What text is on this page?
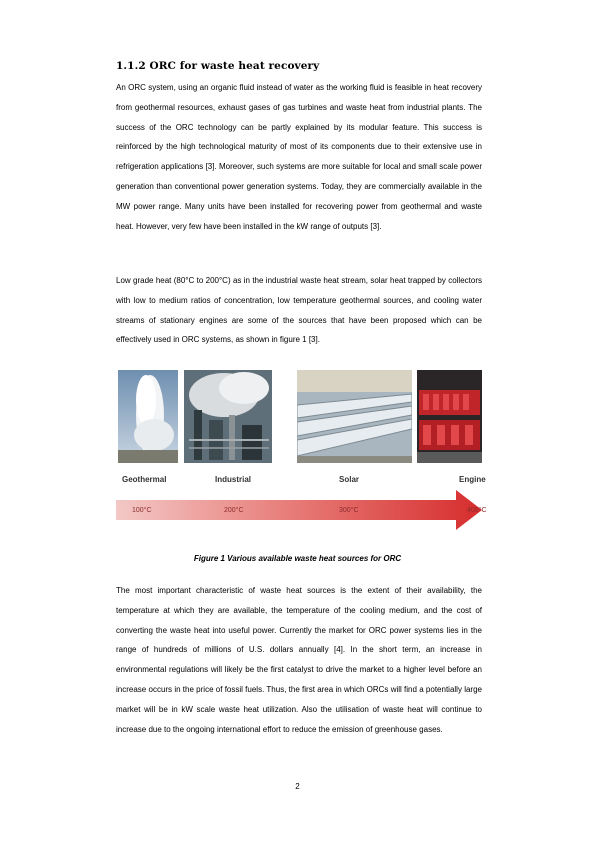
1.1.2 ORC for waste heat recovery
An ORC system, using an organic fluid instead of water as the working fluid is feasible in heat recovery from geothermal resources, exhaust gases of gas turbines and waste heat from industrial plants. The success of the ORC technology can be partly explained by its modular feature. This success is reinforced by the high technological maturity of most of its components due to their extensive use in refrigeration applications [3]. Moreover, such systems are more suitable for local and small scale power generation than conventional power generation systems. Today, they are commercially available in the MW power range. Many units have been installed for recovering power from geothermal and waste heat. However, very few have been installed in the kW range of outputs [3].
Low grade heat (80°C to 200°C) as in the industrial waste heat stream, solar heat trapped by collectors with low to medium ratios of concentration, low temperature geothermal sources, and cooling water streams of stationary engines are some of the sources that have been proposed which can be effectively used in ORC systems, as shown in figure 1 [3].
Geothermal	Industrial	Solar	Engine
100°C	200°C	300°C	400°C
Figure 1 Various available waste heat sources for ORC
The most important characteristic of waste heat sources is the extent of their availability, the temperature at which they are available, the temperature of the cooling medium, and the cost of converting the waste heat into useful power. Currently the market for ORC power systems lies in the range of hundreds of millions of U.S. dollars annually [4]. In the short term, an increase in environmental regulations will likely be the first catalyst to drive the market to a higher level before an increase occurs in the price of fossil fuels. Thus, the first area in which ORCs will find a potentially large market will be in kW scale waste heat utilization. Also the utilisation of waste heat will continue to increase due to the ongoing international effort to reduce the emission of greenhouse gases.
2
